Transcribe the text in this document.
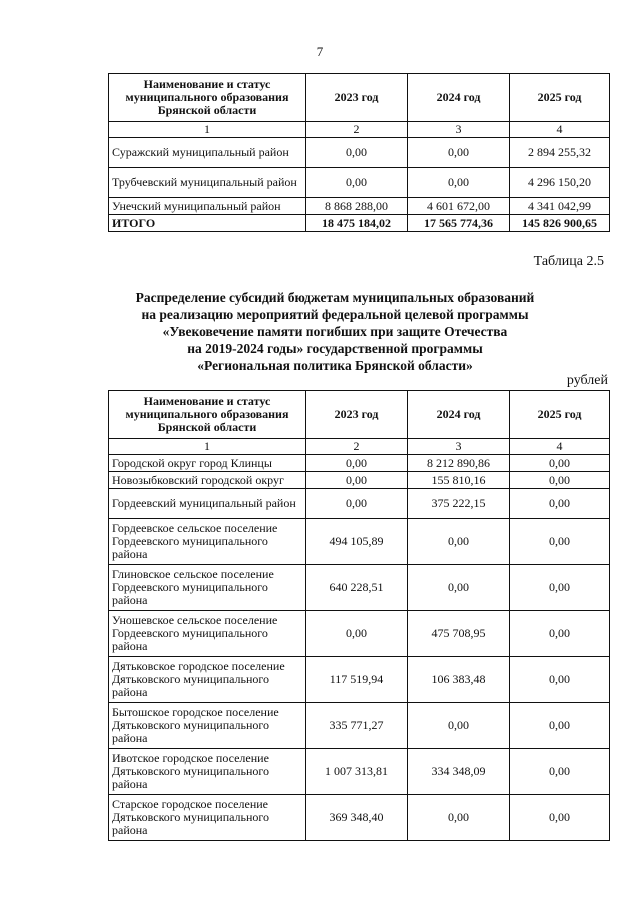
7
Наименование и статус муниципального образования Брянской области	2023 год	2024 год	2025 год
1	2	3	4
Суражский муниципальный район	0,00	0,00	2 894 255,32
Трубчевский муниципальный район	0,00	0,00	4 296 150,20
Унечский муниципальный район	8 868 288,00	4 601 672,00	4 341 042,99
ИТОГО	18 475 184,02	17 565 774,36	145 826 900,65
Таблица 2.5
Распределение субсидий бюджетам муниципальных образований
на реализацию мероприятий федеральной целевой программы
«Увековечение памяти погибших при защите Отечества
на 2019-2024 годы» государственной программы
«Региональная политика Брянской области»
рублей
Наименование и статус муниципального образования Брянской области	2023 год	2024 год	2025 год
1	2	3	4
Городской округ город Клинцы	0,00	8 212 890,86	0,00
Новозыбковский городской округ	0,00	155 810,16	0,00
Гордеевский муниципальный район	0,00	375 222,15	0,00
Гордеевское сельское поселение Гордеевского муниципального района	494 105,89	0,00	0,00
Глиновское сельское поселение Гордеевского муниципального района	640 228,51	0,00	0,00
Уношевское сельское поселение Гордеевского муниципального района	0,00	475 708,95	0,00
Дятьковское городское поселение Дятьковского муниципального района	117 519,94	106 383,48	0,00
Бытошское городское поселение Дятьковского муниципального района	335 771,27	0,00	0,00
Ивотское городское поселение Дятьковского муниципального района	1 007 313,81	334 348,09	0,00
Старское городское поселение Дятьковского муниципального района	369 348,40	0,00	0,00
